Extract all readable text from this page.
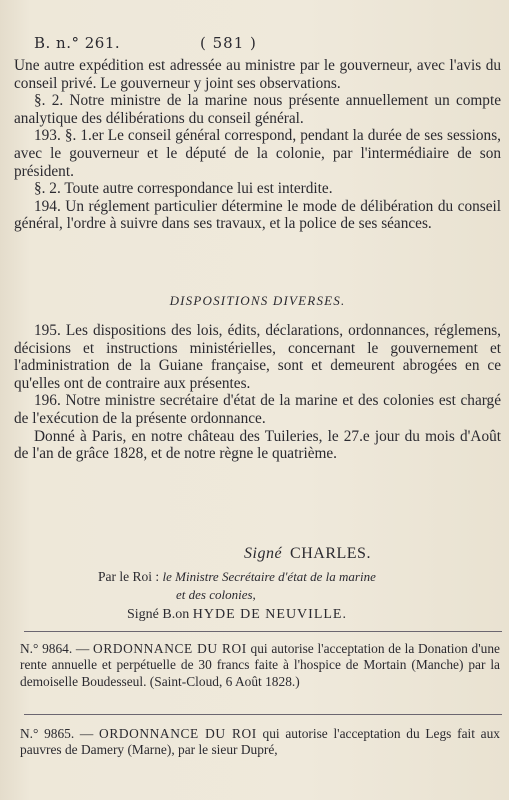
B. n.° 261.	( 581 )

Une autre expédition est adressée au ministre par le gouverneur, avec l'avis du conseil privé. Le gouverneur y joint ses observations.

§. 2. Notre ministre de la marine nous présente annuellement un compte analytique des délibérations du conseil général.

193. §. 1.er Le conseil général correspond, pendant la durée de ses sessions, avec le gouverneur et le député de la colonie, par l'intermédiaire de son président.

§. 2. Toute autre correspondance lui est interdite.

194. Un réglement particulier détermine le mode de délibération du conseil général, l'ordre à suivre dans ses travaux, et la police de ses séances.

DISPOSITIONS DIVERSES.

195. Les dispositions des lois, édits, déclarations, ordonnances, réglemens, décisions et instructions ministérielles, concernant le gouvernement et l'administration de la Guiane française, sont et demeurent abrogées en ce qu'elles ont de contraire aux présentes.

196. Notre ministre secrétaire d'état de la marine et des colonies est chargé de l'exécution de la présente ordonnance.

Donné à Paris, en notre château des Tuileries, le 27.e jour du mois d'Août de l'an de grâce 1828, et de notre règne le quatrième.

Signé CHARLES.
Par le Roi : le Ministre Secrétaire d'état de la marine
et des colonies,
Signé B.on HYDE DE NEUVILLE.
N.° 9864. — ORDONNANCE DU ROI qui autorise l'acceptation de la Donation d'une rente annuelle et perpétuelle de 30 francs faite à l'hospice de Mortain (Manche) par la demoiselle Boudesseul. (Saint-Cloud, 6 Août 1828.)
N.° 9865. — ORDONNANCE DU ROI qui autorise l'acceptation du Legs fait aux pauvres de Damery (Marne), par le sieur Dupré,
